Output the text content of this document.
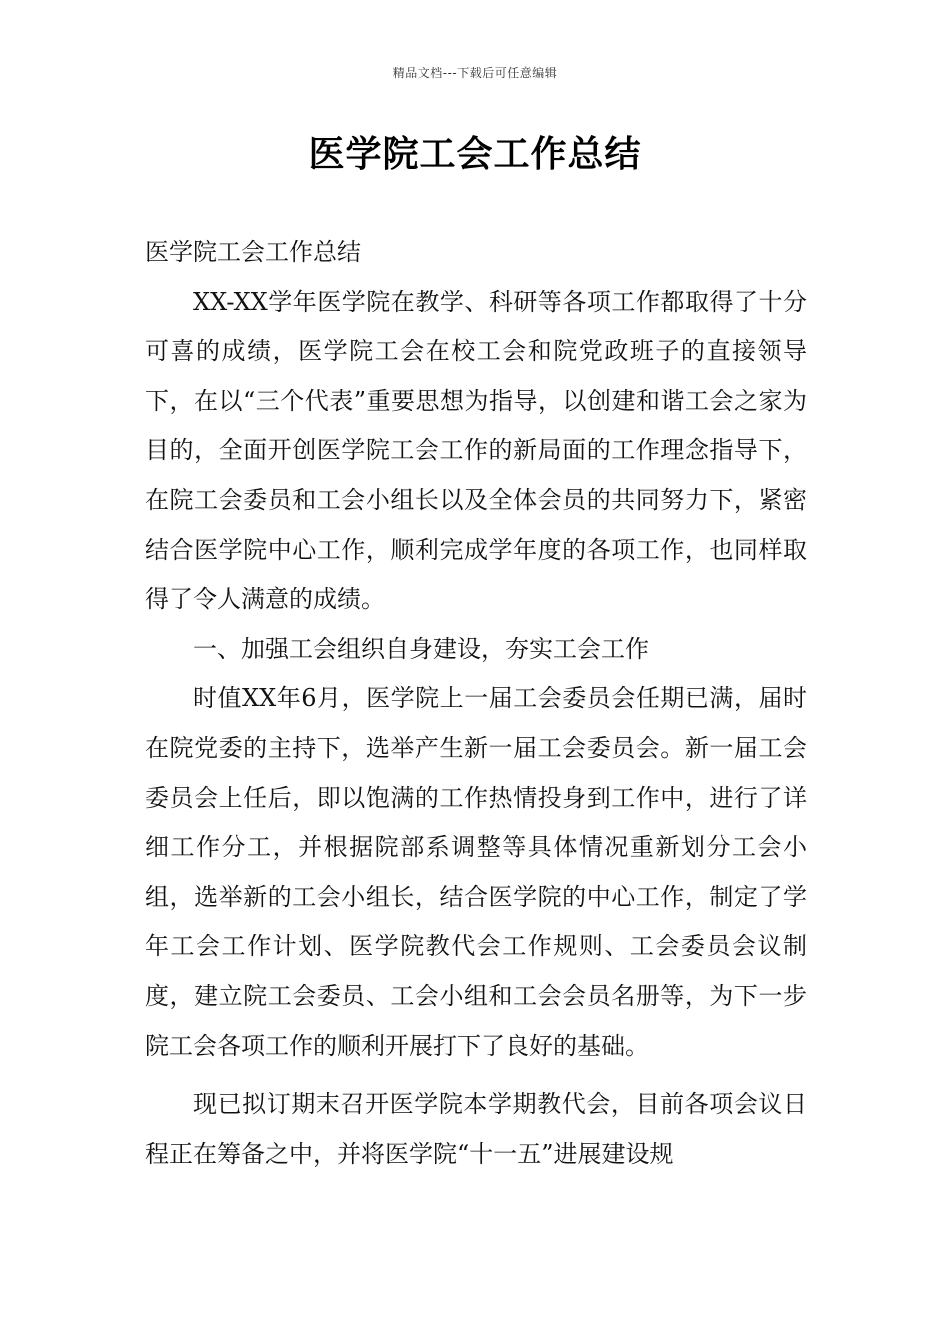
精品文档---下载后可任意编辑
医学院工会工作总结

医学院工会工作总结

XX-XX学年医学院在教学、科研等各项工作都取得了十分可喜的成绩，医学院工会在校工会和院党政班子的直接领导下，在以“三个代表”重要思想为指导，以创建和谐工会之家为目的，全面开创医学院工会工作的新局面的工作理念指导下，在院工会委员和工会小组长以及全体会员的共同努力下，紧密结合医学院中心工作，顺利完成学年度的各项工作，也同样取得了令人满意的成绩。

一、加强工会组织自身建设，夯实工会工作

时值XX年6月，医学院上一届工会委员会任期已满，届时在院党委的主持下，选举产生新一届工会委员会。新一届工会委员会上任后，即以饱满的工作热情投身到工作中，进行了详细工作分工，并根据院部系调整等具体情况重新划分工会小组，选举新的工会小组长，结合医学院的中心工作，制定了学年工会工作计划、医学院教代会工作规则、工会委员会议制度，建立院工会委员、工会小组和工会会员名册等，为下一步院工会各项工作的顺利开展打下了良好的基础。

现已拟订期末召开医学院本学期教代会，目前各项会议日程正在筹备之中，并将医学院“十一五”进展建设规
